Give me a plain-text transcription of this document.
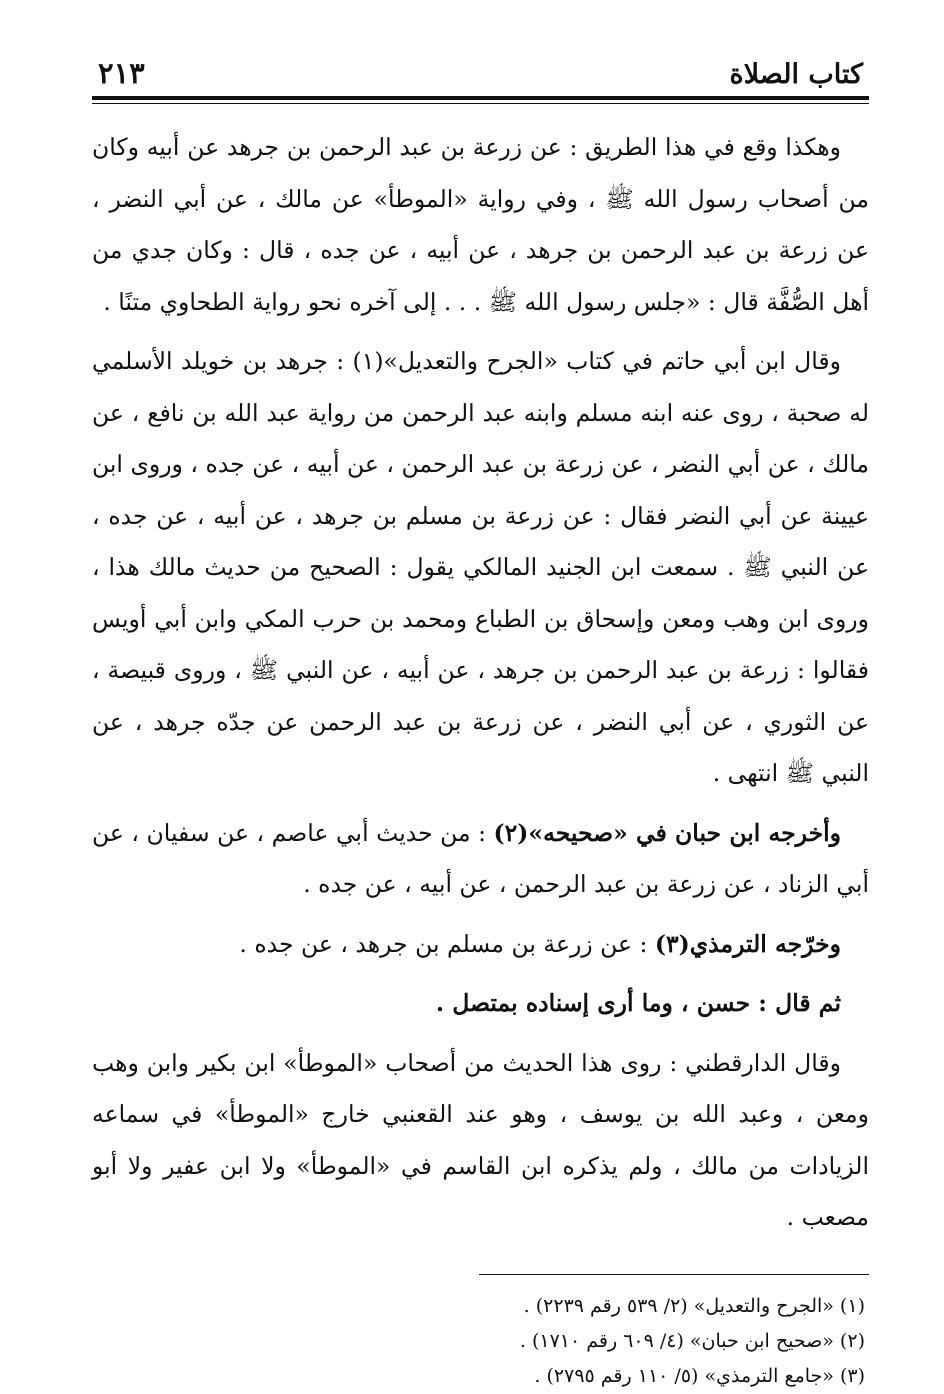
كتاب الصلاة
٢١٣

وهكذا وقع في هذا الطريق : عن زرعة بن عبد الرحمن بن جرهد عن أبيه وكان من أصحاب رسول الله ﷺ ، وفي رواية «الموطأ» عن مالك ، عن أبي النضر ، عن زرعة بن عبد الرحمن بن جرهد ، عن أبيه ، عن جده ، قال : وكان جدي من أهل الصُّفَّة قال : «جلس رسول الله ﷺ . . . إلى آخره نحو رواية الطحاوي متنًا .

وقال ابن أبي حاتم في كتاب «الجرح والتعديل»(١) : جرهد بن خويلد الأسلمي له صحبة ، روى عنه ابنه مسلم وابنه عبد الرحمن من رواية عبد الله بن نافع ، عن مالك ، عن أبي النضر ، عن زرعة بن عبد الرحمن ، عن أبيه ، عن جده ، وروى ابن عيينة عن أبي النضر فقال : عن زرعة بن مسلم بن جرهد ، عن أبيه ، عن جده ، عن النبي ﷺ . سمعت ابن الجنيد المالكي يقول : الصحيح من حديث مالك هذا ، وروى ابن وهب ومعن وإسحاق بن الطباع ومحمد بن حرب المكي وابن أبي أويس فقالوا : زرعة بن عبد الرحمن بن جرهد ، عن أبيه ، عن النبي ﷺ ، وروى قبيصة ، عن الثوري ، عن أبي النضر ، عن زرعة بن عبد الرحمن عن جدّه جرهد ، عن النبي ﷺ انتهى .

وأخرجه ابن حبان في «صحيحه»(٢) : من حديث أبي عاصم ، عن سفيان ، عن أبي الزناد ، عن زرعة بن عبد الرحمن ، عن أبيه ، عن جده .

وخرّجه الترمذي(٣) : عن زرعة بن مسلم بن جرهد ، عن جده .

ثم قال : حسن ، وما أرى إسناده بمتصل .

وقال الدارقطني : روى هذا الحديث من أصحاب «الموطأ» ابن بكير وابن وهب ومعن ، وعبد الله بن يوسف ، وهو عند القعنبي خارج «الموطأ» في سماعه الزيادات من مالك ، ولم يذكره ابن القاسم في «الموطأ» ولا ابن عفير ولا أبو مصعب .

(١) «الجرح والتعديل» (٢/ ٥٣٩ رقم ٢٢٣٩) .
(٢) «صحيح ابن حبان» (٤/ ٦٠٩ رقم ١٧١٠) .
(٣) «جامع الترمذي» (٥/ ١١٠ رقم ٢٧٩٥) .
